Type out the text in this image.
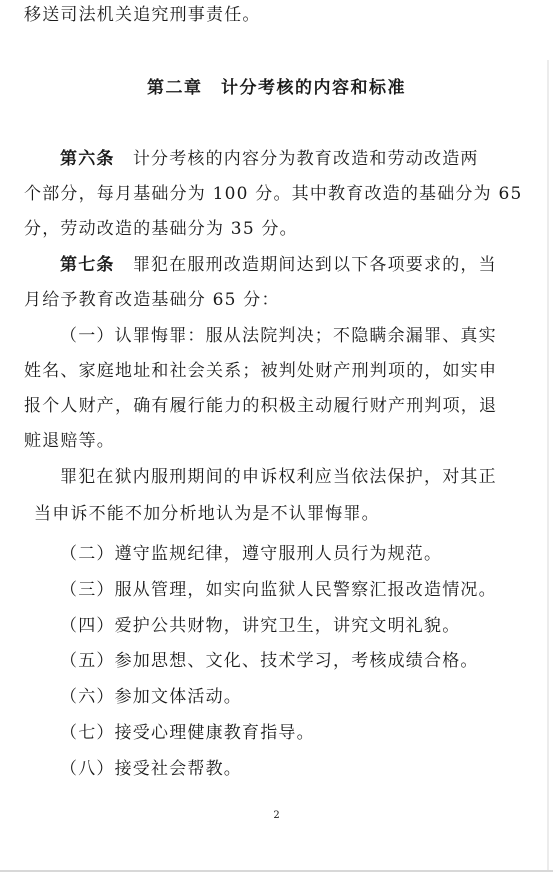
移送司法机关追究刑事责任。
第二章　计分考核的内容和标准
第六条　 计分考核的内容分为教育改造和劳动改造两
个部分，每月基础分为 100 分。其中教育改造的基础分为 65
分，劳动改造的基础分为 35 分。
第七条　 罪犯在服刑改造期间达到以下各项要求的，当
月给予教育改造基础分 65 分：
（一）认罪悔罪：服从法院判决；不隐瞒余漏罪、真实
姓名、家庭地址和社会关系；被判处财产刑判项的，如实申
报个人财产，确有履行能力的积极主动履行财产刑判项，退
赃退赔等。
罪犯在狱内服刑期间的申诉权利应当依法保护，对其正
当申诉不能不加分析地认为是不认罪悔罪。
（二）遵守监规纪律，遵守服刑人员行为规范。
（三）服从管理，如实向监狱人民警察汇报改造情况。
（四）爱护公共财物，讲究卫生，讲究文明礼貌。
（五）参加思想、文化、技术学习，考核成绩合格。
（六）参加文体活动。
（七）接受心理健康教育指导。
（八）接受社会帮教。
2
